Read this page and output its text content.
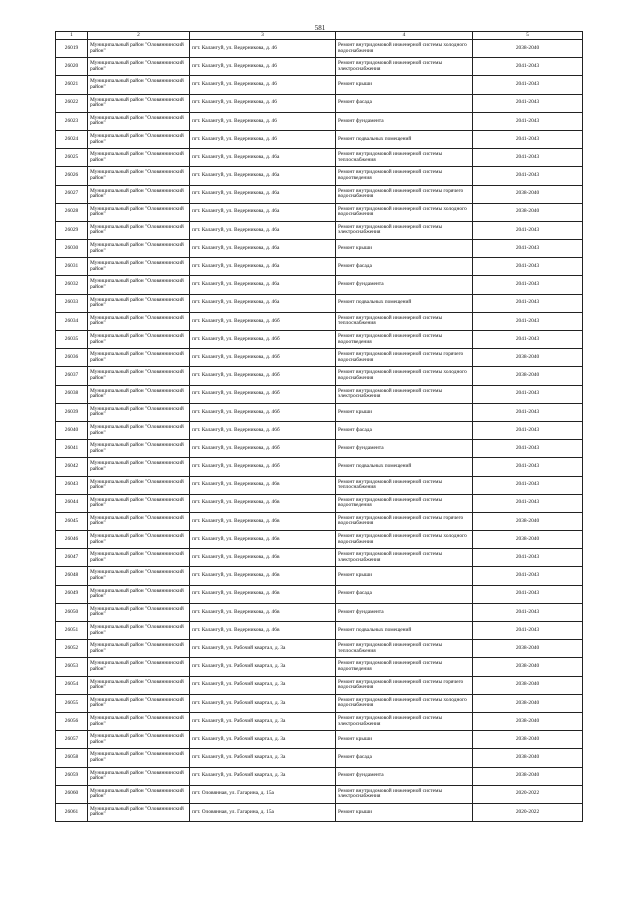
581
1	2	3	4	5
26019	Муниципальный район "Оловяннинский район"	пгт. Калангуй, ул. Ведерникова, д. 46	Ремонт внутридомовой инженерной системы холодного водоснабжения	2038-2040
26020	Муниципальный район "Оловяннинский район"	пгт. Калангуй, ул. Ведерникова, д. 46	Ремонт внутридомовой инженерной системы электроснабжения	2041-2043
26021	Муниципальный район "Оловяннинский район"	пгт. Калангуй, ул. Ведерникова, д. 46	Ремонт крыши	2041-2043
26022	Муниципальный район "Оловяннинский район"	пгт. Калангуй, ул. Ведерникова, д. 46	Ремонт фасада	2041-2043
26023	Муниципальный район "Оловяннинский район"	пгт. Калангуй, ул. Ведерникова, д. 46	Ремонт фундамента	2041-2043
26024	Муниципальный район "Оловяннинский район"	пгт. Калангуй, ул. Ведерникова, д. 46	Ремонт подвальных помещений	2041-2043
26025	Муниципальный район "Оловяннинский район"	пгт. Калангуй, ул. Ведерникова, д. 46а	Ремонт внутридомовой инженерной системы теплоснабжения	2041-2043
26026	Муниципальный район "Оловяннинский район"	пгт. Калангуй, ул. Ведерникова, д. 46а	Ремонт внутридомовой инженерной системы водоотведения	2041-2043
26027	Муниципальный район "Оловяннинский район"	пгт. Калангуй, ул. Ведерникова, д. 46а	Ремонт внутридомовой инженерной системы горячего водоснабжения	2038-2040
26028	Муниципальный район "Оловяннинский район"	пгт. Калангуй, ул. Ведерникова, д. 46а	Ремонт внутридомовой инженерной системы холодного водоснабжения	2038-2040
26029	Муниципальный район "Оловяннинский район"	пгт. Калангуй, ул. Ведерникова, д. 46а	Ремонт внутридомовой инженерной системы электроснабжения	2041-2043
26030	Муниципальный район "Оловяннинский район"	пгт. Калангуй, ул. Ведерникова, д. 46а	Ремонт крыши	2041-2043
26031	Муниципальный район "Оловяннинский район"	пгт. Калангуй, ул. Ведерникова, д. 46а	Ремонт фасада	2041-2043
26032	Муниципальный район "Оловяннинский район"	пгт. Калангуй, ул. Ведерникова, д. 46а	Ремонт фундамента	2041-2043
26033	Муниципальный район "Оловяннинский район"	пгт. Калангуй, ул. Ведерникова, д. 46а	Ремонт подвальных помещений	2041-2043
26034	Муниципальный район "Оловяннинский район"	пгт. Калангуй, ул. Ведерникова, д. 46б	Ремонт внутридомовой инженерной системы теплоснабжения	2041-2043
26035	Муниципальный район "Оловяннинский район"	пгт. Калангуй, ул. Ведерникова, д. 46б	Ремонт внутридомовой инженерной системы водоотведения	2041-2043
26036	Муниципальный район "Оловяннинский район"	пгт. Калангуй, ул. Ведерникова, д. 46б	Ремонт внутридомовой инженерной системы горячего водоснабжения	2038-2040
26037	Муниципальный район "Оловяннинский район"	пгт. Калангуй, ул. Ведерникова, д. 46б	Ремонт внутридомовой инженерной системы холодного водоснабжения	2038-2040
26038	Муниципальный район "Оловяннинский район"	пгт. Калангуй, ул. Ведерникова, д. 46б	Ремонт внутридомовой инженерной системы электроснабжения	2041-2043
26039	Муниципальный район "Оловяннинский район"	пгт. Калангуй, ул. Ведерникова, д. 46б	Ремонт крыши	2041-2043
26040	Муниципальный район "Оловяннинский район"	пгт. Калангуй, ул. Ведерникова, д. 46б	Ремонт фасада	2041-2043
26041	Муниципальный район "Оловяннинский район"	пгт. Калангуй, ул. Ведерникова, д. 46б	Ремонт фундамента	2041-2043
26042	Муниципальный район "Оловяннинский район"	пгт. Калангуй, ул. Ведерникова, д. 46б	Ремонт подвальных помещений	2041-2043
26043	Муниципальный район "Оловяннинский район"	пгт. Калангуй, ул. Ведерникова, д. 46в	Ремонт внутридомовой инженерной системы теплоснабжения	2041-2043
26044	Муниципальный район "Оловяннинский район"	пгт. Калангуй, ул. Ведерникова, д. 46в	Ремонт внутридомовой инженерной системы водоотведения	2041-2043
26045	Муниципальный район "Оловяннинский район"	пгт. Калангуй, ул. Ведерникова, д. 46в	Ремонт внутридомовой инженерной системы горячего водоснабжения	2038-2040
26046	Муниципальный район "Оловяннинский район"	пгт. Калангуй, ул. Ведерникова, д. 46в	Ремонт внутридомовой инженерной системы холодного водоснабжения	2038-2040
26047	Муниципальный район "Оловяннинский район"	пгт. Калангуй, ул. Ведерникова, д. 46в	Ремонт внутридомовой инженерной системы электроснабжения	2041-2043
26048	Муниципальный район "Оловяннинский район"	пгт. Калангуй, ул. Ведерникова, д. 46в	Ремонт крыши	2041-2043
26049	Муниципальный район "Оловяннинский район"	пгт. Калангуй, ул. Ведерникова, д. 46в	Ремонт фасада	2041-2043
26050	Муниципальный район "Оловяннинский район"	пгт. Калангуй, ул. Ведерникова, д. 46в	Ремонт фундамента	2041-2043
26051	Муниципальный район "Оловяннинский район"	пгт. Калангуй, ул. Ведерникова, д. 46в	Ремонт подвальных помещений	2041-2043
26052	Муниципальный район "Оловяннинский район"	пгт. Калангуй, ул. Рабочий квартал, д. 3а	Ремонт внутридомовой инженерной системы теплоснабжения	2038-2040
26053	Муниципальный район "Оловяннинский район"	пгт. Калангуй, ул. Рабочий квартал, д. 3а	Ремонт внутридомовой инженерной системы водоотведения	2038-2040
26054	Муниципальный район "Оловяннинский район"	пгт. Калангуй, ул. Рабочий квартал, д. 3а	Ремонт внутридомовой инженерной системы горячего водоснабжения	2038-2040
26055	Муниципальный район "Оловяннинский район"	пгт. Калангуй, ул. Рабочий квартал, д. 3а	Ремонт внутридомовой инженерной системы холодного водоснабжения	2038-2040
26056	Муниципальный район "Оловяннинский район"	пгт. Калангуй, ул. Рабочий квартал, д. 3а	Ремонт внутридомовой инженерной системы электроснабжения	2038-2040
26057	Муниципальный район "Оловяннинский район"	пгт. Калангуй, ул. Рабочий квартал, д. 3а	Ремонт крыши	2038-2040
26058	Муниципальный район "Оловяннинский район"	пгт. Калангуй, ул. Рабочий квартал, д. 3а	Ремонт фасада	2038-2040
26059	Муниципальный район "Оловяннинский район"	пгт. Калангуй, ул. Рабочий квартал, д. 3а	Ремонт фундамента	2038-2040
26060	Муниципальный район "Оловяннинский район"	пгт. Оловянная, ул. Гагарина, д. 15а	Ремонт внутридомовой инженерной системы электроснабжения	2020-2022
26061	Муниципальный район "Оловяннинский район"	пгт. Оловянная, ул. Гагарина, д. 15а	Ремонт крыши	2020-2022
